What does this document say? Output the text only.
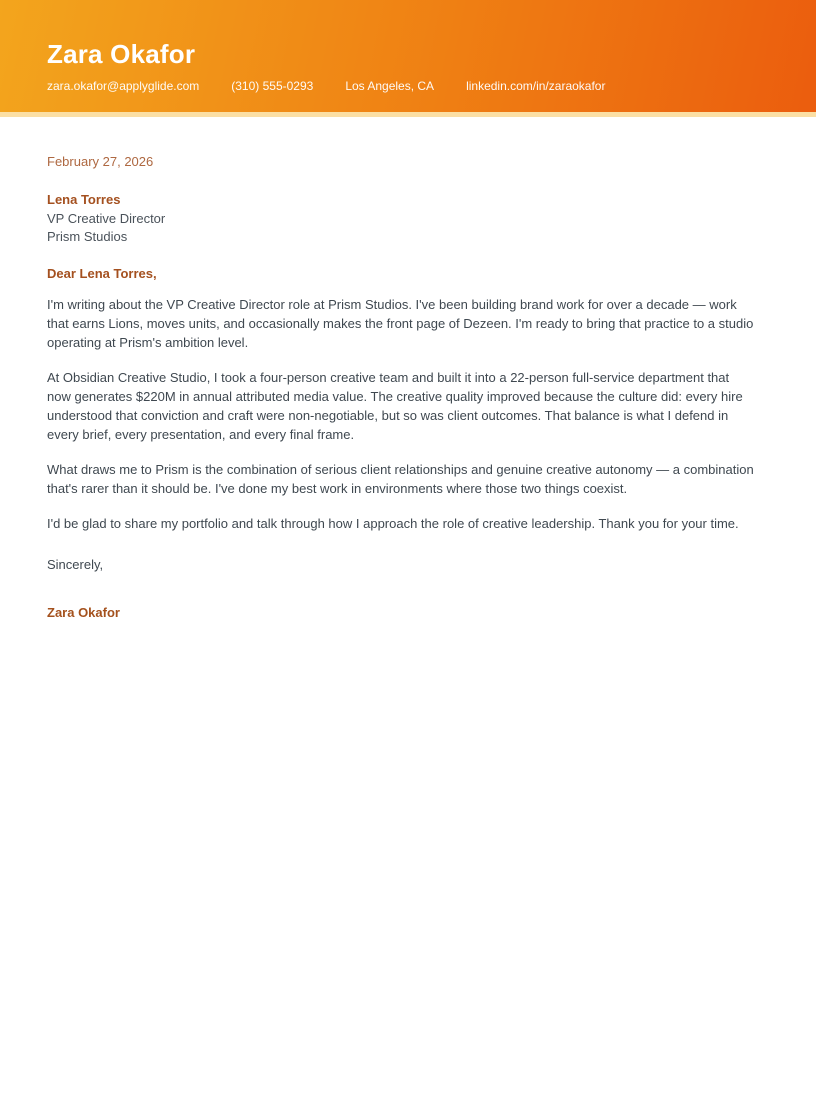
Zara Okafor
zara.okafor@applyglide.com	(310) 555-0293	Los Angeles, CA	linkedin.com/in/zaraokafor
February 27, 2026
Lena Torres
VP Creative Director
Prism Studios
Dear Lena Torres,

I'm writing about the VP Creative Director role at Prism Studios. I've been building brand work for over a decade — work that earns Lions, moves units, and occasionally makes the front page of Dezeen. I'm ready to bring that practice to a studio operating at Prism's ambition level.

At Obsidian Creative Studio, I took a four-person creative team and built it into a 22-person full-service department that now generates $220M in annual attributed media value. The creative quality improved because the culture did: every hire understood that conviction and craft were non-negotiable, but so was client outcomes. That balance is what I defend in every brief, every presentation, and every final frame.

What draws me to Prism is the combination of serious client relationships and genuine creative autonomy — a combination that's rarer than it should be. I've done my best work in environments where those two things coexist.

I'd be glad to share my portfolio and talk through how I approach the role of creative leadership. Thank you for your time.

Sincerely,
Zara Okafor
